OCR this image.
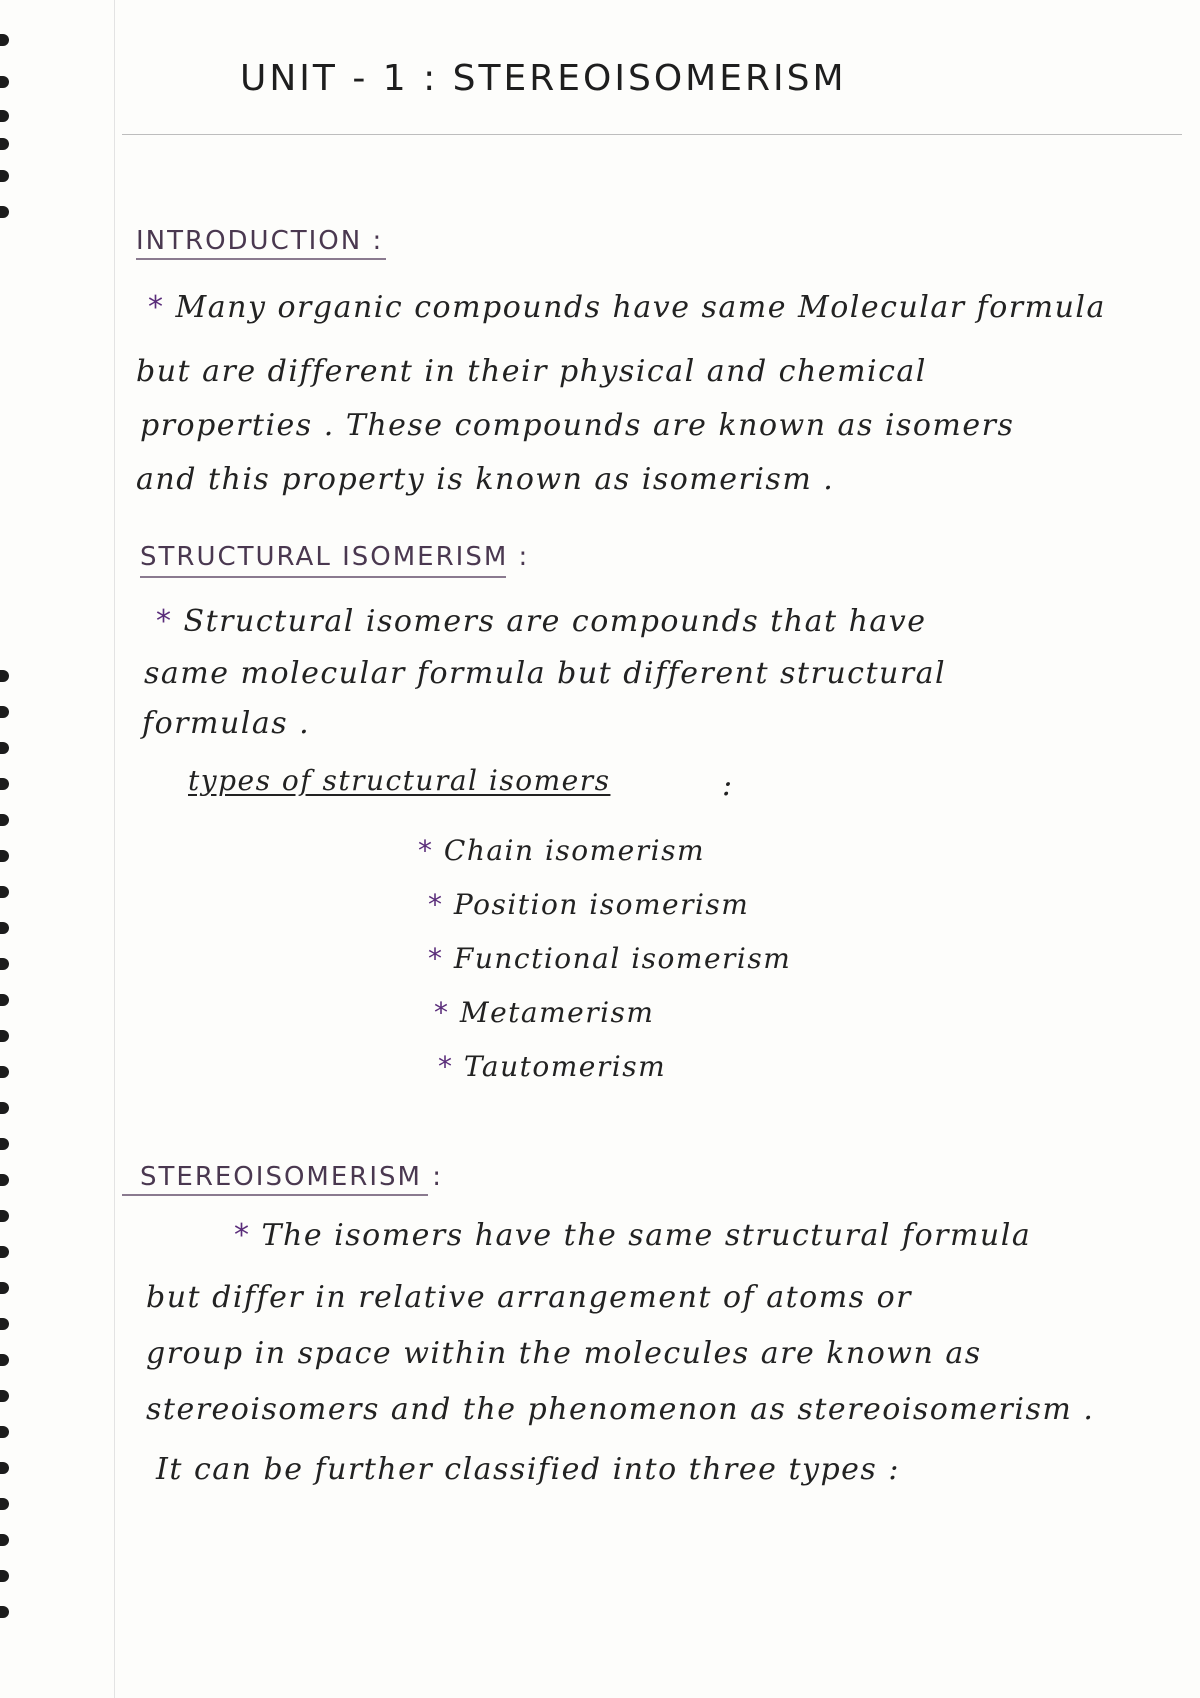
UNIT - 1 : STEREOISOMERISM
INTRODUCTION :
* Many organic compounds have same Molecular formula
but are different in their physical and chemical
properties . These compounds are known as isomers
and this property is known as isomerism .
STRUCTURAL ISOMERISM :
* Structural isomers are compounds that have
same molecular formula but different structural
formulas .
types of structural isomers	:
* Chain isomerism
* Position isomerism
* Functional isomerism
* Metamerism
* Tautomerism
STEREOISOMERISM :
* The isomers have the same structural formula
but differ in relative arrangement of atoms or
group in space within the molecules are known as
stereoisomers and the phenomenon as stereoisomerism .
It can be further classified into three types :
